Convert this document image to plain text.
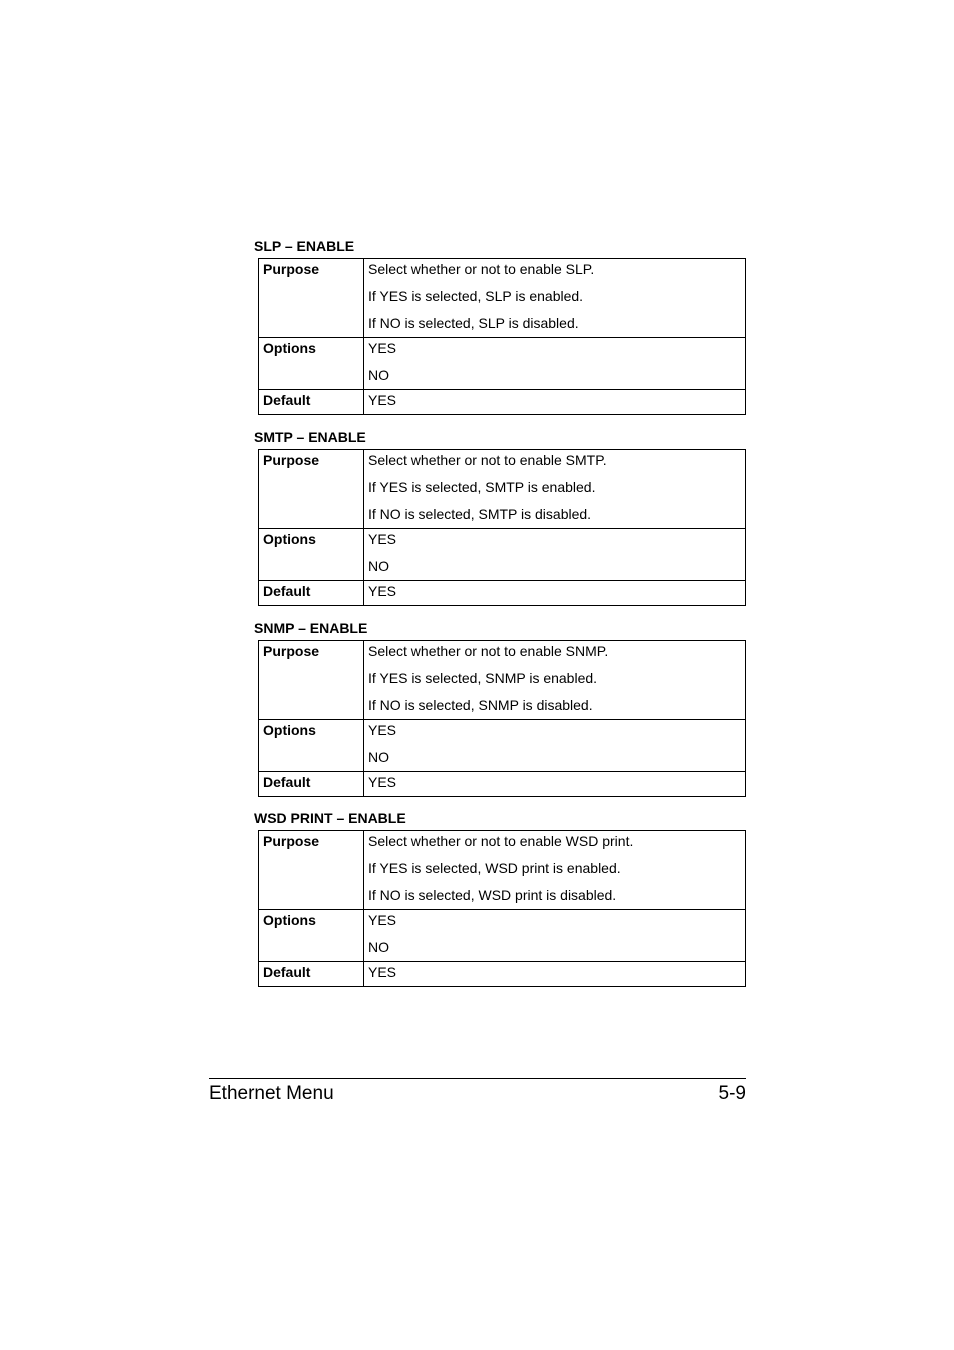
SLP – ENABLE
Purpose	Select whether or not to enable SLP.
If YES is selected, SLP is enabled.
If NO is selected, SLP is disabled.

Options	YES
NO

Default	YES
SMTP – ENABLE
Purpose	Select whether or not to enable SMTP.
If YES is selected, SMTP is enabled.
If NO is selected, SMTP is disabled.

Options	YES
NO

Default	YES
SNMP – ENABLE
Purpose	Select whether or not to enable SNMP.
If YES is selected, SNMP is enabled.
If NO is selected, SNMP is disabled.

Options	YES
NO

Default	YES
WSD PRINT – ENABLE
Purpose	Select whether or not to enable WSD print.
If YES is selected, WSD print is enabled.
If NO is selected, WSD print is disabled.

Options	YES
NO

Default	YES
Ethernet Menu	5-9
